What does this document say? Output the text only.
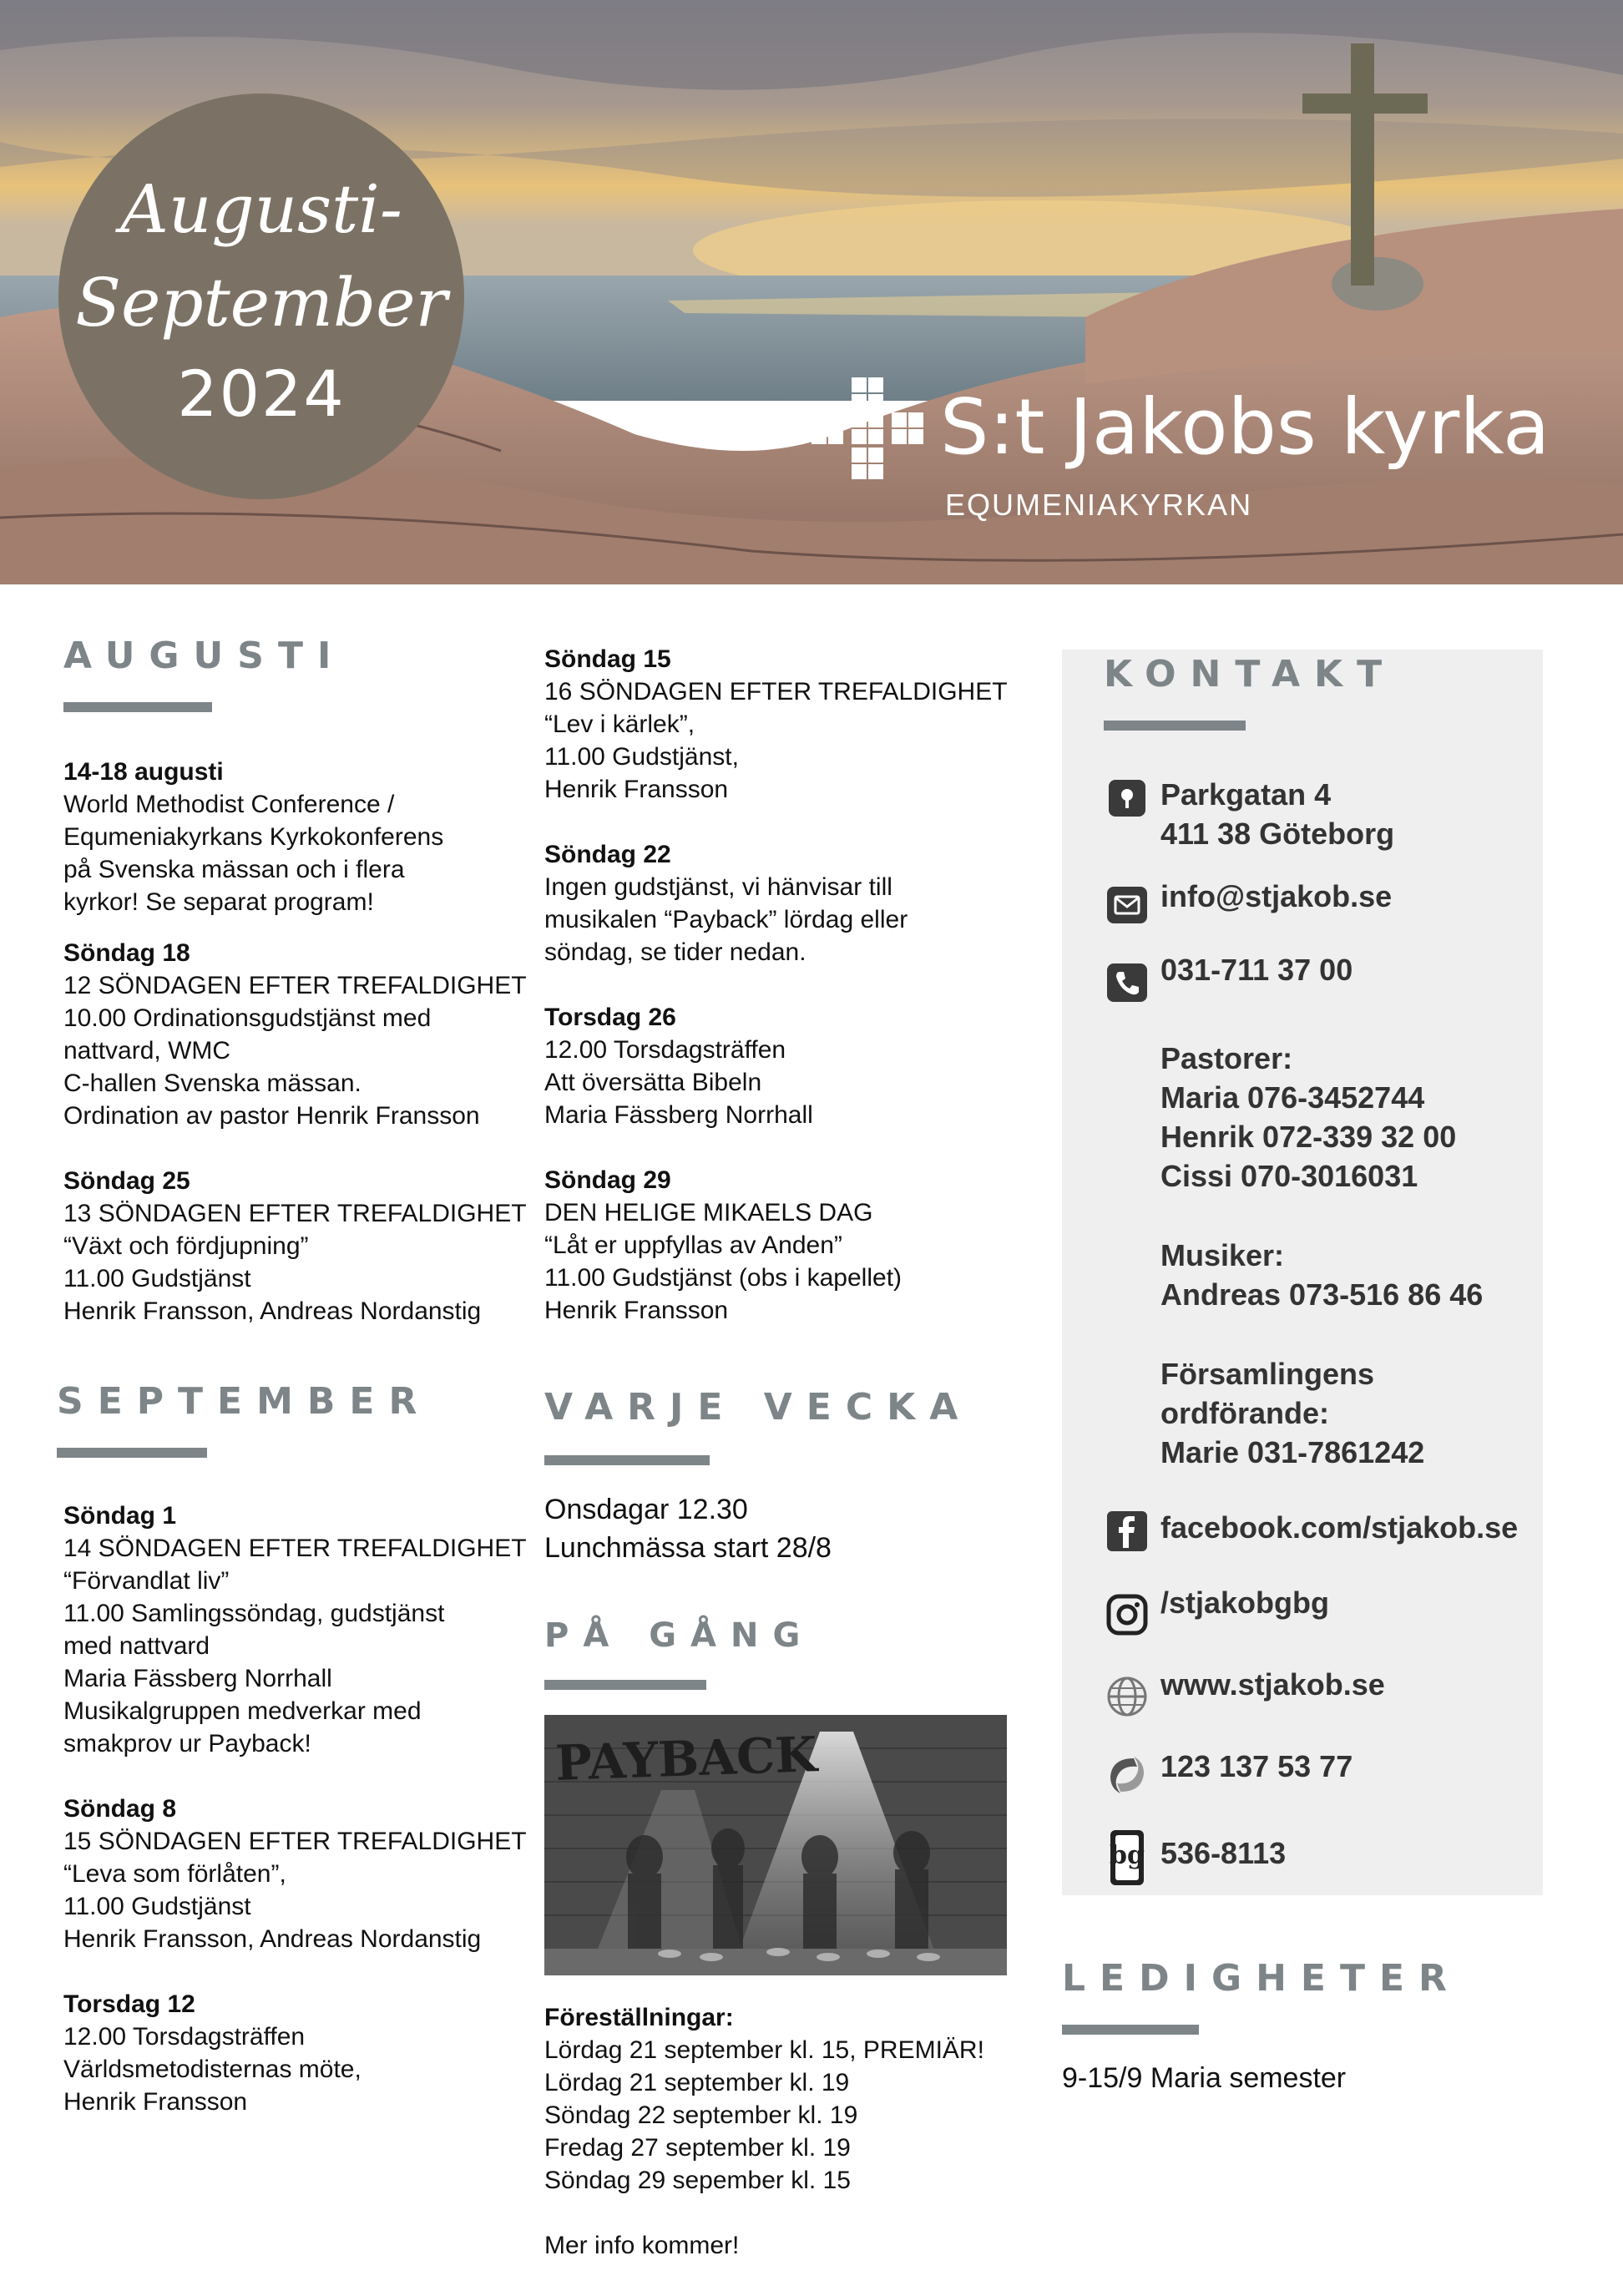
Augusti-
September
2024	S:t Jakobs kyrka
EQUMENIAKYRKAN
AUGUSTI
14-18 augusti
World Methodist Conference /
Equmeniakyrkans Kyrkokonferens
på Svenska mässan och i flera
kyrkor! Se separat program!
Söndag 18
12 SÖNDAGEN EFTER TREFALDIGHET
10.00 Ordinationsgudstjänst med
nattvard, WMC
C-hallen Svenska mässan.
Ordination av pastor Henrik Fransson
Söndag 25
13 SÖNDAGEN EFTER TREFALDIGHET
“Växt och fördjupning”
11.00 Gudstjänst
Henrik Fransson, Andreas Nordanstig
SEPTEMBER
Söndag 1
14 SÖNDAGEN EFTER TREFALDIGHET
“Förvandlat liv”
11.00 Samlingssöndag, gudstjänst
med nattvard
Maria Fässberg Norrhall
Musikalgruppen medverkar med
smakprov ur Payback!
Söndag 8
15 SÖNDAGEN EFTER TREFALDIGHET
“Leva som förlåten”,
11.00 Gudstjänst
Henrik Fransson, Andreas Nordanstig
Torsdag 12
12.00 Torsdagsträffen
Världsmetodisternas möte,
Henrik Fransson
Söndag 15
16 SÖNDAGEN EFTER TREFALDIGHET
“Lev i kärlek”,
11.00 Gudstjänst,
Henrik Fransson
Söndag 22
Ingen gudstjänst, vi hänvisar till
musikalen “Payback” lördag eller
söndag, se tider nedan.
Torsdag 26
12.00 Torsdagsträffen
Att översätta Bibeln
Maria Fässberg Norrhall
Söndag 29
DEN HELIGE MIKAELS DAG
“Låt er uppfyllas av Anden”
11.00 Gudstjänst (obs i kapellet)
Henrik Fransson
VARJE VECKA
Onsdagar 12.30
Lunchmässa start 28/8
PÅ GÅNG
PAYBACK
Föreställningar:
Lördag 21 september kl. 15, PREMIÄR!
Lördag 21 september kl. 19
Söndag 22 september kl. 19
Fredag 27 september kl. 19
Söndag 29 sepember kl. 15
Mer info kommer!
KONTAKT
Parkgatan 4
411 38 Göteborg
info@stjakob.se
031-711 37 00
Pastorer:
Maria 076-3452744
Henrik 072-339 32 00
Cissi 070-3016031
Musiker:
Andreas 073-516 86 46
Församlingens
ordförande:
Marie 031-7861242
facebook.com/stjakob.se
/stjakobgbg
www.stjakob.se
123 137 53 77
bg 536-8113
LEDIGHETER
9-15/9 Maria semester
